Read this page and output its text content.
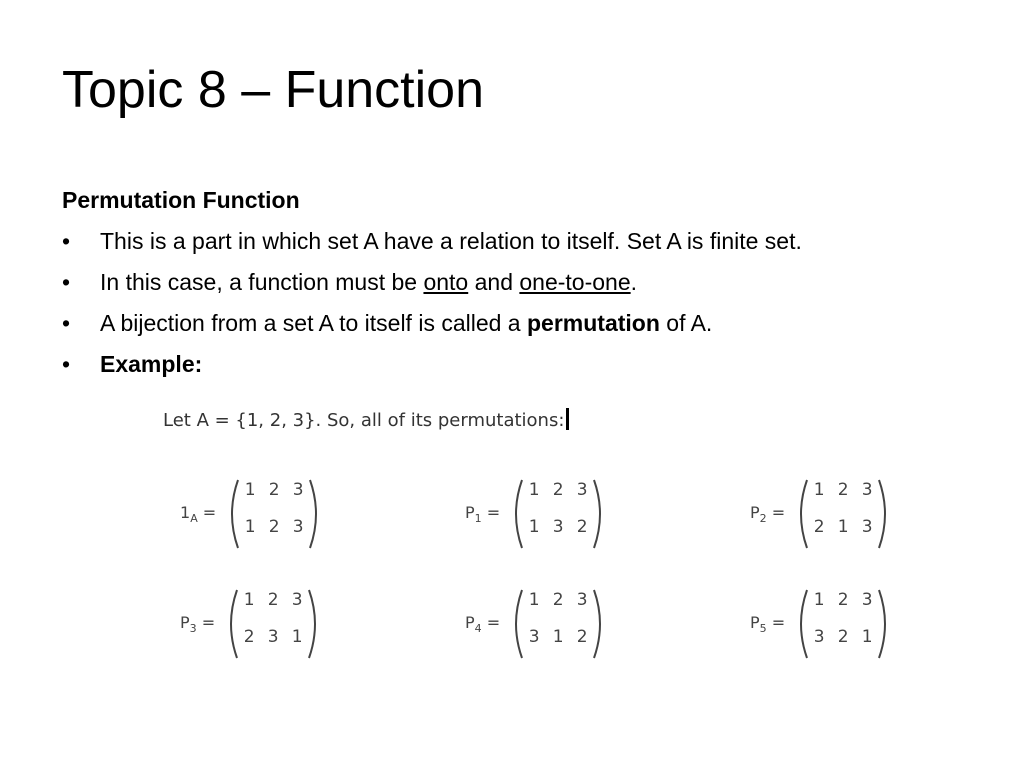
Topic 8 – Function
Permutation Function
•	This is a part in which set A have a relation to itself. Set A is finite set.
•	In this case, a function must be onto and one-to-one.
•	A bijection from a set A to itself is called a permutation of A.
•	Example:
Let A = {1, 2, 3}. So, all of its permutations:
$1_A$ =
1 2 3
1 2 3
$P_1$ =
1 2 3
1 3 2
$P_2$ =
1 2 3
2 1 3
$P_3$ =
1 2 3
2 3 1
$P_4$ =
1 2 3
3 1 2
$P_5$ =
1 2 3
3 2 1
